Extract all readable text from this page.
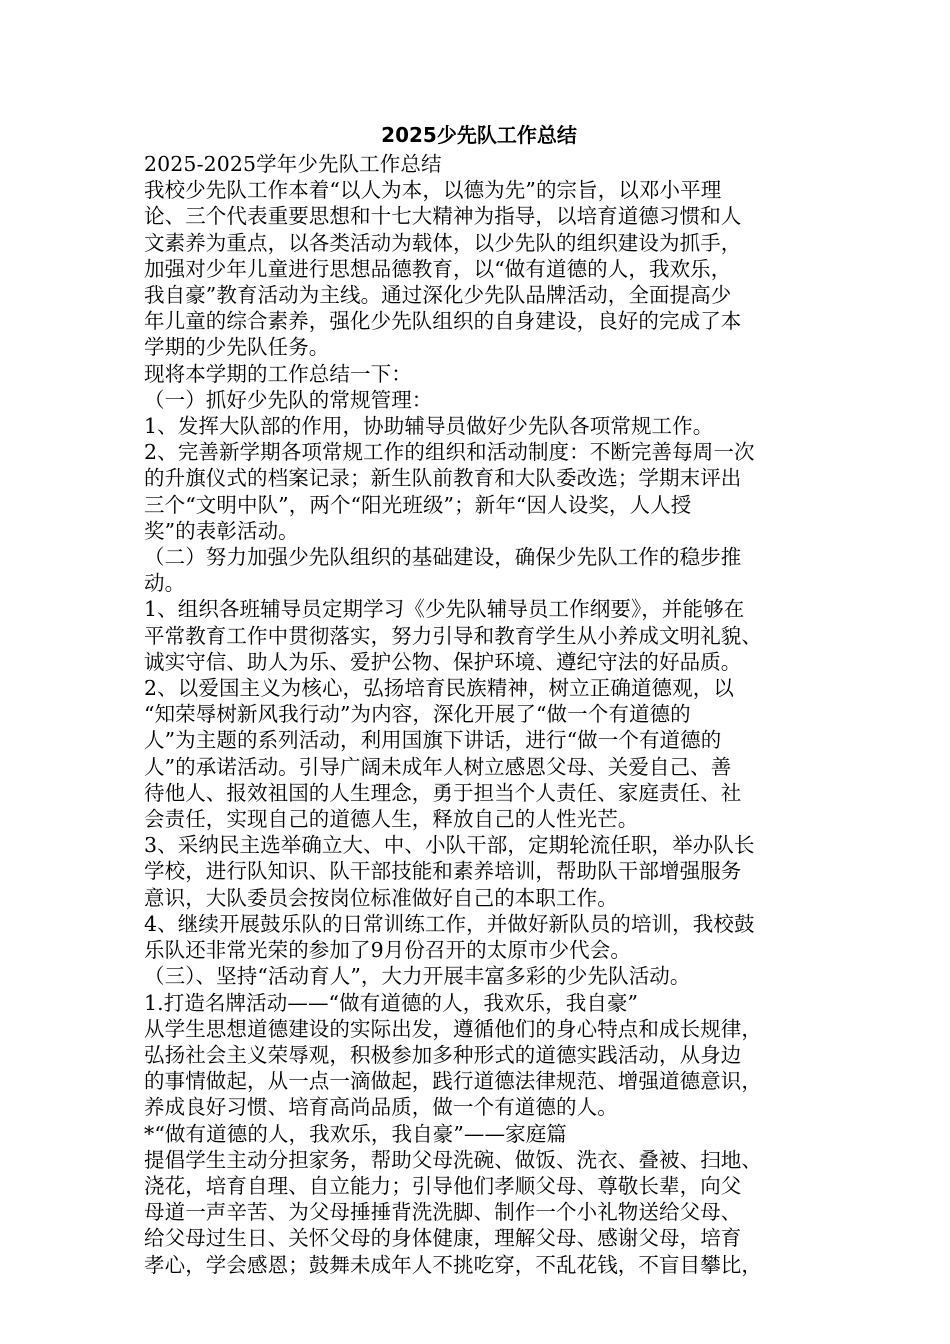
2025少先队工作总结
2025-2025学年少先队工作总结
我校少先队工作本着“以人为本，以德为先”的宗旨，以邓小平理
论、三个代表重要思想和十七大精神为指导，以培育道德习惯和人
文素养为重点，以各类活动为载体，以少先队的组织建设为抓手，
加强对少年儿童进行思想品德教育，以“做有道德的人，我欢乐，
我自豪”教育活动为主线。通过深化少先队品牌活动，全面提高少
年儿童的综合素养，强化少先队组织的自身建设，良好的完成了本
学期的少先队任务。
现将本学期的工作总结一下：
（一）抓好少先队的常规管理：
1、发挥大队部的作用，协助辅导员做好少先队各项常规工作。
2、完善新学期各项常规工作的组织和活动制度：不断完善每周一次
的升旗仪式的档案记录；新生队前教育和大队委改选；学期末评出
三个“文明中队”，两个“阳光班级”；新年“因人设奖，人人授
奖”的表彰活动。
（二）努力加强少先队组织的基础建设，确保少先队工作的稳步推
动。
1、组织各班辅导员定期学习《少先队辅导员工作纲要》，并能够在
平常教育工作中贯彻落实，努力引导和教育学生从小养成文明礼貌、
诚实守信、助人为乐、爱护公物、保护环境、遵纪守法的好品质。
2、以爱国主义为核心，弘扬培育民族精神，树立正确道德观，以
“知荣辱树新风我行动”为内容，深化开展了“做一个有道德的
人”为主题的系列活动，利用国旗下讲话，进行“做一个有道德的
人”的承诺活动。引导广阔未成年人树立感恩父母、关爱自己、善
待他人、报效祖国的人生理念，勇于担当个人责任、家庭责任、社
会责任，实现自己的道德人生，释放自己的人性光芒。
3、采纳民主选举确立大、中、小队干部，定期轮流任职，举办队长
学校，进行队知识、队干部技能和素养培训，帮助队干部增强服务
意识，大队委员会按岗位标准做好自己的本职工作。
4、继续开展鼓乐队的日常训练工作，并做好新队员的培训，我校鼓
乐队还非常光荣的参加了9月份召开的太原市少代会。
（三）、坚持“活动育人”，大力开展丰富多彩的少先队活动。
1.打造名牌活动——“做有道德的人，我欢乐，我自豪”
从学生思想道德建设的实际出发，遵循他们的身心特点和成长规律，
弘扬社会主义荣辱观，积极参加多种形式的道德实践活动，从身边
的事情做起，从一点一滴做起，践行道德法律规范、增强道德意识，
养成良好习惯、培育高尚品质，做一个有道德的人。
*“做有道德的人，我欢乐，我自豪”——家庭篇
提倡学生主动分担家务，帮助父母洗碗、做饭、洗衣、叠被、扫地、
浇花，培育自理、自立能力；引导他们孝顺父母、尊敬长辈，向父
母道一声辛苦、为父母捶捶背洗洗脚、制作一个小礼物送给父母、
给父母过生日、关怀父母的身体健康，理解父母、感谢父母，培育
孝心，学会感恩；鼓舞未成年人不挑吃穿，不乱花钱，不盲目攀比，
